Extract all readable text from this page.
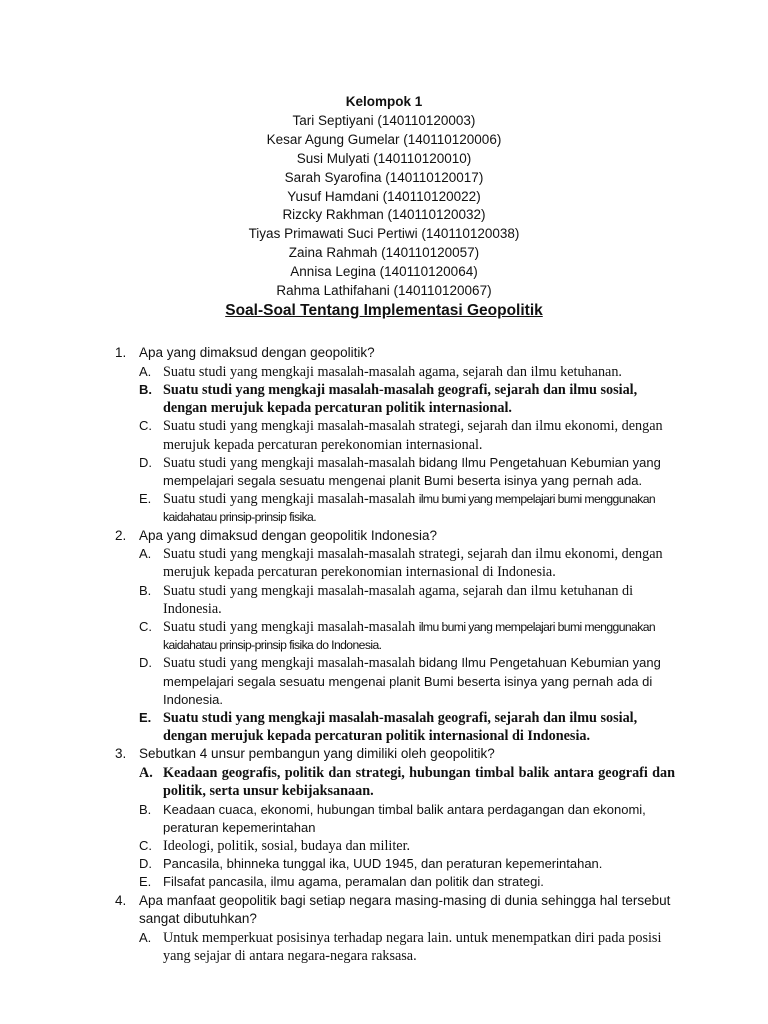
Kelompok 1
Tari Septiyani (140110120003)
Kesar Agung Gumelar (140110120006)
Susi Mulyati (140110120010)
Sarah Syarofina (140110120017)
Yusuf Hamdani (140110120022)
Rizcky Rakhman (140110120032)
Tiyas Primawati Suci Pertiwi (140110120038)
Zaina Rahmah (140110120057)
Annisa Legina (140110120064)
Rahma Lathifahani (140110120067)
Soal-Soal Tentang Implementasi Geopolitik
1. Apa yang dimaksud dengan geopolitik?
A. Suatu studi yang mengkaji masalah-masalah agama, sejarah dan ilmu ketuhanan.
B. Suatu studi yang mengkaji masalah-masalah geografi, sejarah dan ilmu sosial, dengan merujuk kepada percaturan politik internasional.
C. Suatu studi yang mengkaji masalah-masalah strategi, sejarah dan ilmu ekonomi, dengan merujuk kepada percaturan perekonomian internasional.
D. Suatu studi yang mengkaji masalah-masalah bidang Ilmu Pengetahuan Kebumian yang mempelajari segala sesuatu mengenai planit Bumi beserta isinya yang pernah ada.
E. Suatu studi yang mengkaji masalah-masalah ilmu bumi yang mempelajari bumi menggunakan kaidahatau prinsip-prinsip fisika.
2. Apa yang dimaksud dengan geopolitik Indonesia?
A. Suatu studi yang mengkaji masalah-masalah strategi, sejarah dan ilmu ekonomi, dengan merujuk kepada percaturan perekonomian internasional di Indonesia.
B. Suatu studi yang mengkaji masalah-masalah agama, sejarah dan ilmu ketuhanan di Indonesia.
C. Suatu studi yang mengkaji masalah-masalah ilmu bumi yang mempelajari bumi menggunakan kaidahatau prinsip-prinsip fisika do Indonesia.
D. Suatu studi yang mengkaji masalah-masalah bidang Ilmu Pengetahuan Kebumian yang mempelajari segala sesuatu mengenai planit Bumi beserta isinya yang pernah ada di Indonesia.
E. Suatu studi yang mengkaji masalah-masalah geografi, sejarah dan ilmu sosial, dengan merujuk kepada percaturan politik internasional di Indonesia.
3. Sebutkan 4 unsur pembangun yang dimiliki oleh geopolitik?
A. Keadaan geografis, politik dan strategi, hubungan timbal balik antara geografi dan politik, serta unsur kebijaksanaan.
B. Keadaan cuaca, ekonomi, hubungan timbal balik antara perdagangan dan ekonomi, peraturan kepemerintahan
C. Ideologi, politik, sosial, budaya dan militer.
D. Pancasila, bhinneka tunggal ika, UUD 1945, dan peraturan kepemerintahan.
E. Filsafat pancasila, ilmu agama, peramalan dan politik dan strategi.
4. Apa manfaat geopolitik bagi setiap negara masing-masing di dunia sehingga hal tersebut sangat dibutuhkan?
A. Untuk memperkuat posisinya terhadap negara lain. untuk menempatkan diri pada posisi yang sejajar di antara negara-negara raksasa.
